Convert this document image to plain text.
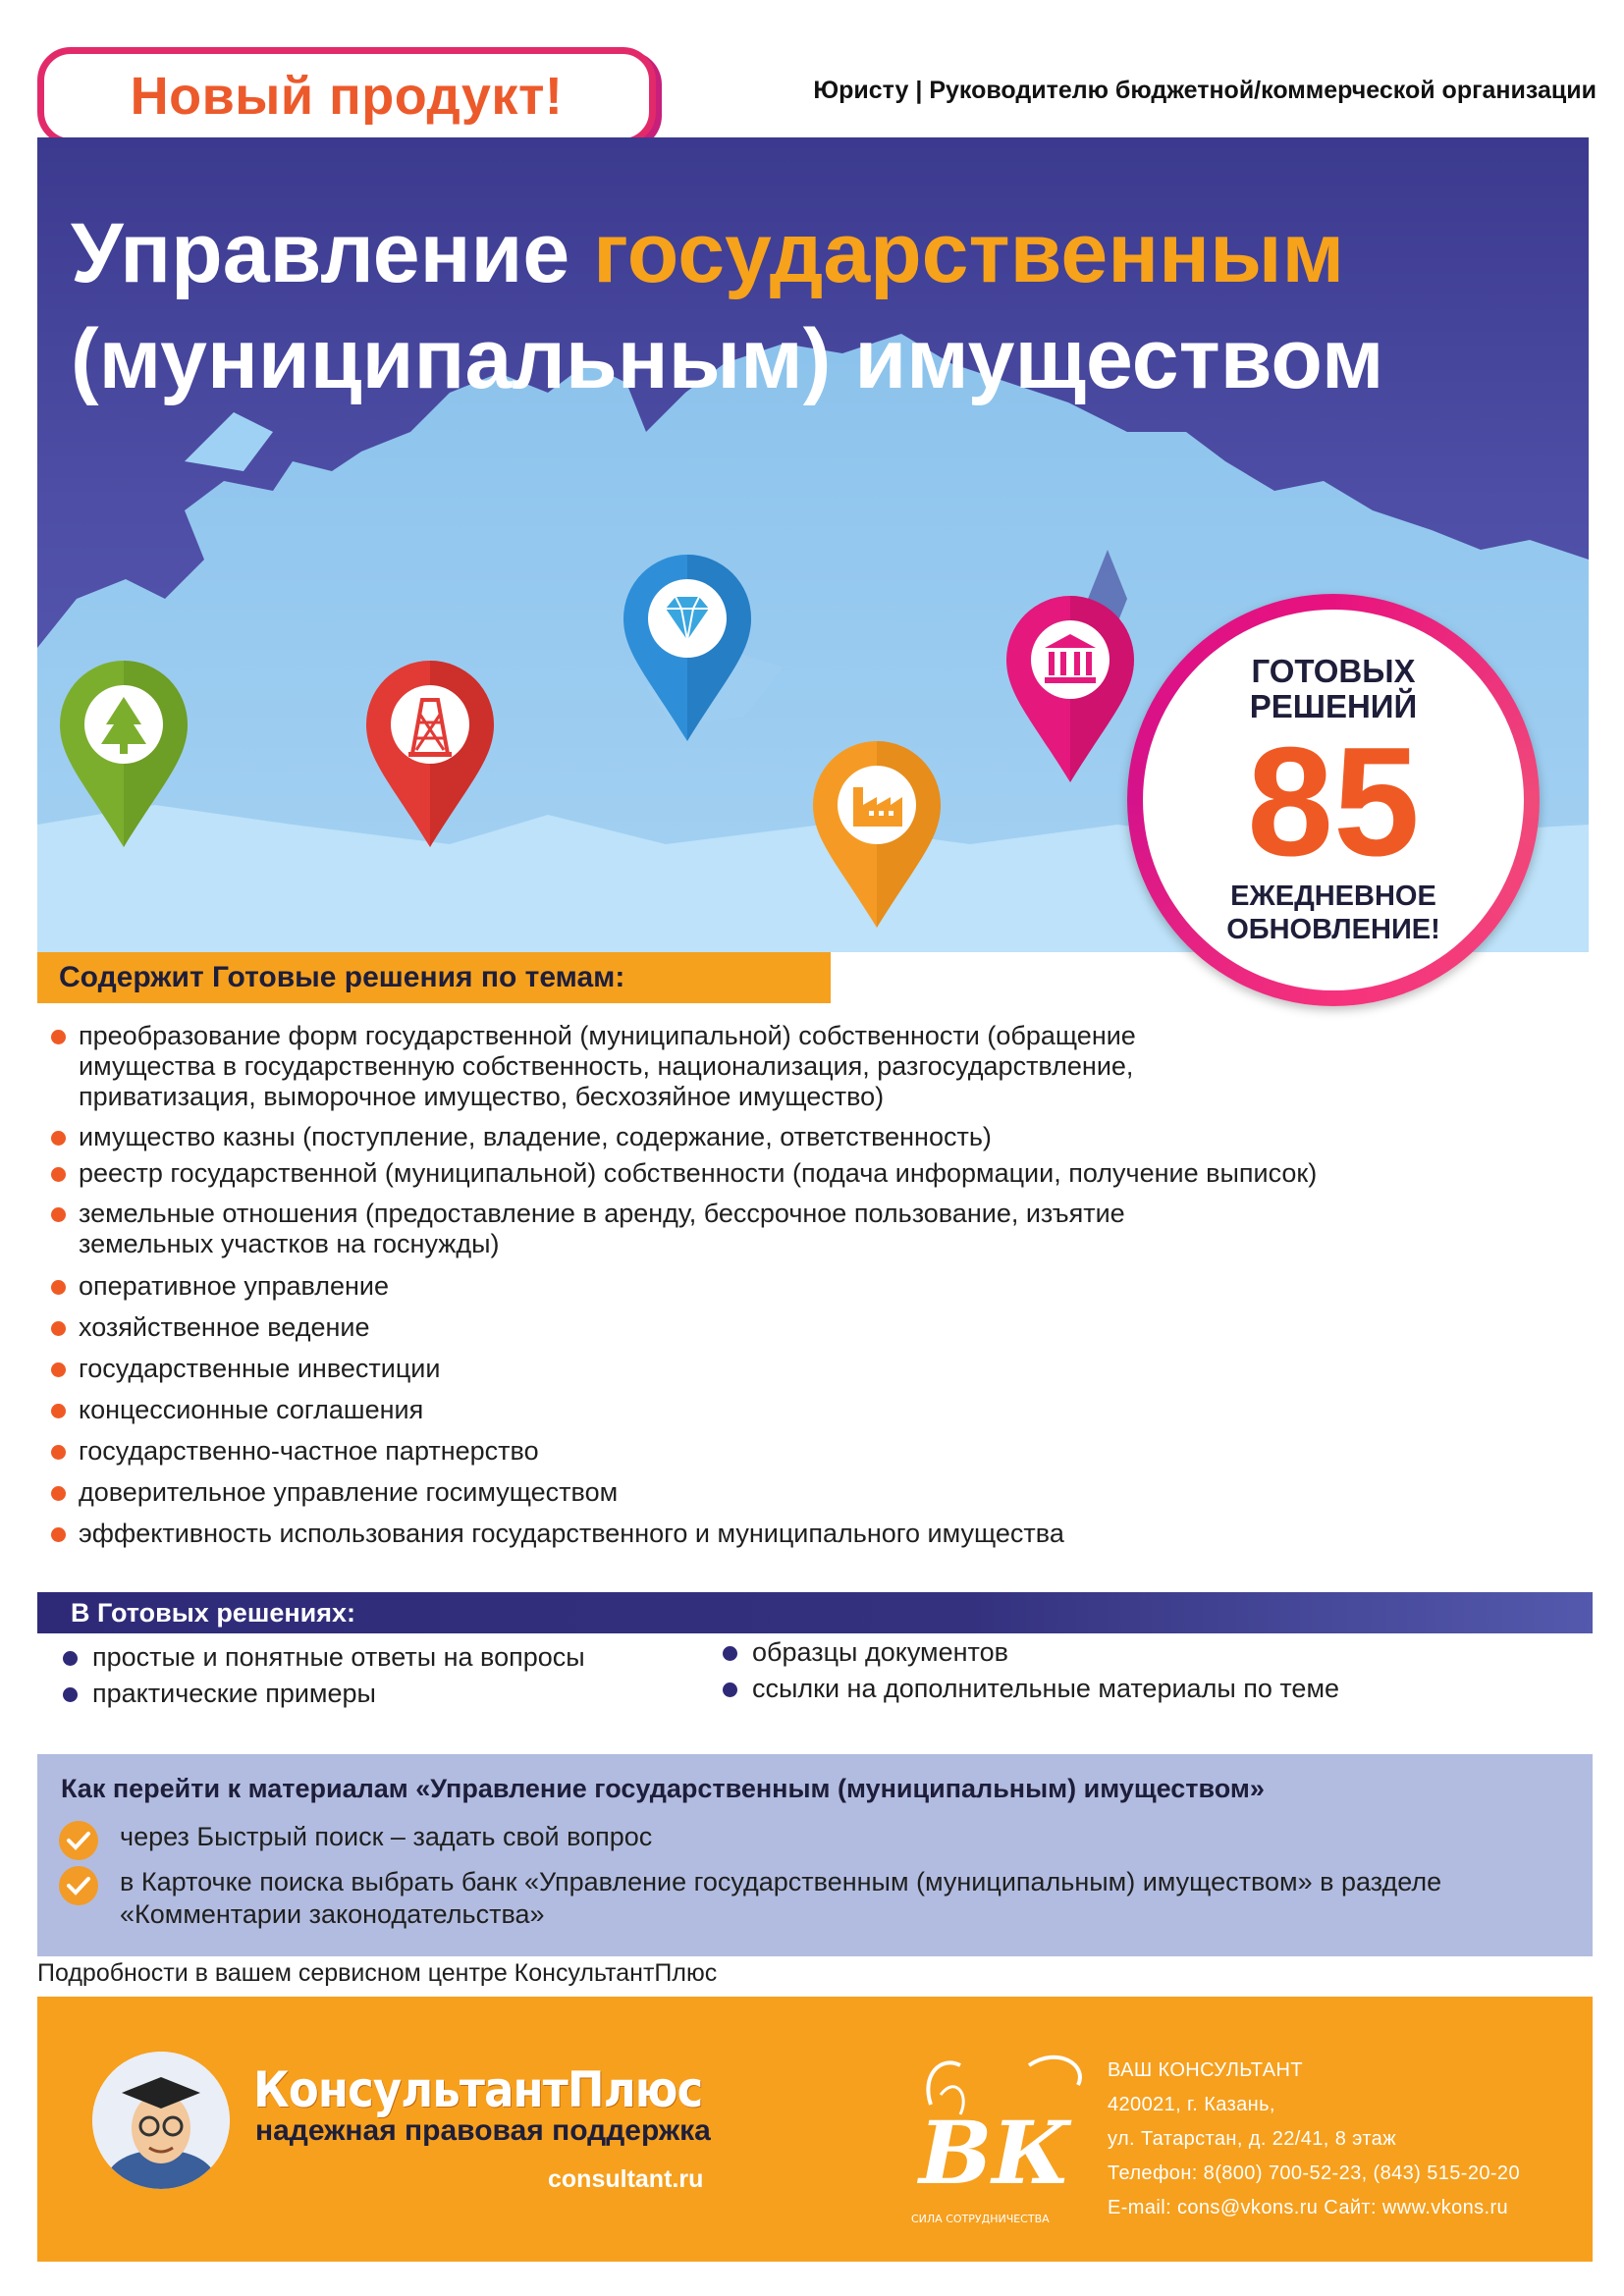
Новый продукт!	Юристу | Руководителю бюджетной/коммерческой организации
Управление государственным
(муниципальным) имуществом
ГОТОВЫХ РЕШЕНИЙ
85
ЕЖЕДНЕВНОЕ ОБНОВЛЕНИЕ!
Содержит Готовые решения по темам:
преобразование форм государственной (муниципальной) собственности (обращение имущества в государственную собственность, национализация, разгосударствление, приватизация, выморочное имущество, бесхозяйное имущество)
имущество казны (поступление, владение, содержание, ответственность)
реестр государственной (муниципальной) собственности (подача информации, получение выписок)
земельные отношения (предоставление в аренду, бессрочное пользование, изъятие земельных участков на госнужды)
оперативное управление
хозяйственное ведение
государственные инвестиции
концессионные соглашения
государственно-частное партнерство
доверительное управление госимуществом
эффективность использования государственного и муниципального имущества
В Готовых решениях:
простые и понятные ответы на вопросы
практические примеры
образцы документов
ссылки на дополнительные материалы по теме
Как перейти к материалам «Управление государственным (муниципальным) имуществом»
через Быстрый поиск – задать свой вопрос
в Карточке поиска выбрать банк «Управление государственным (муниципальным) имуществом» в разделе «Комментарии законодательства»
Подробности в вашем сервисном центре КонсультантПлюс
КонсультантПлюс
надежная правовая поддержка
consultant.ru ВК
СИЛА СОТРУДНИЧЕСТВА
ВАШ КОНСУЛЬТАНТ
420021, г. Казань,
ул. Татарстан, д. 22/41, 8 этаж
Телефон: 8(800) 700-52-23, (843) 515-20-20
E-mail: cons@vkons.ru Сайт: www.vkons.ru
